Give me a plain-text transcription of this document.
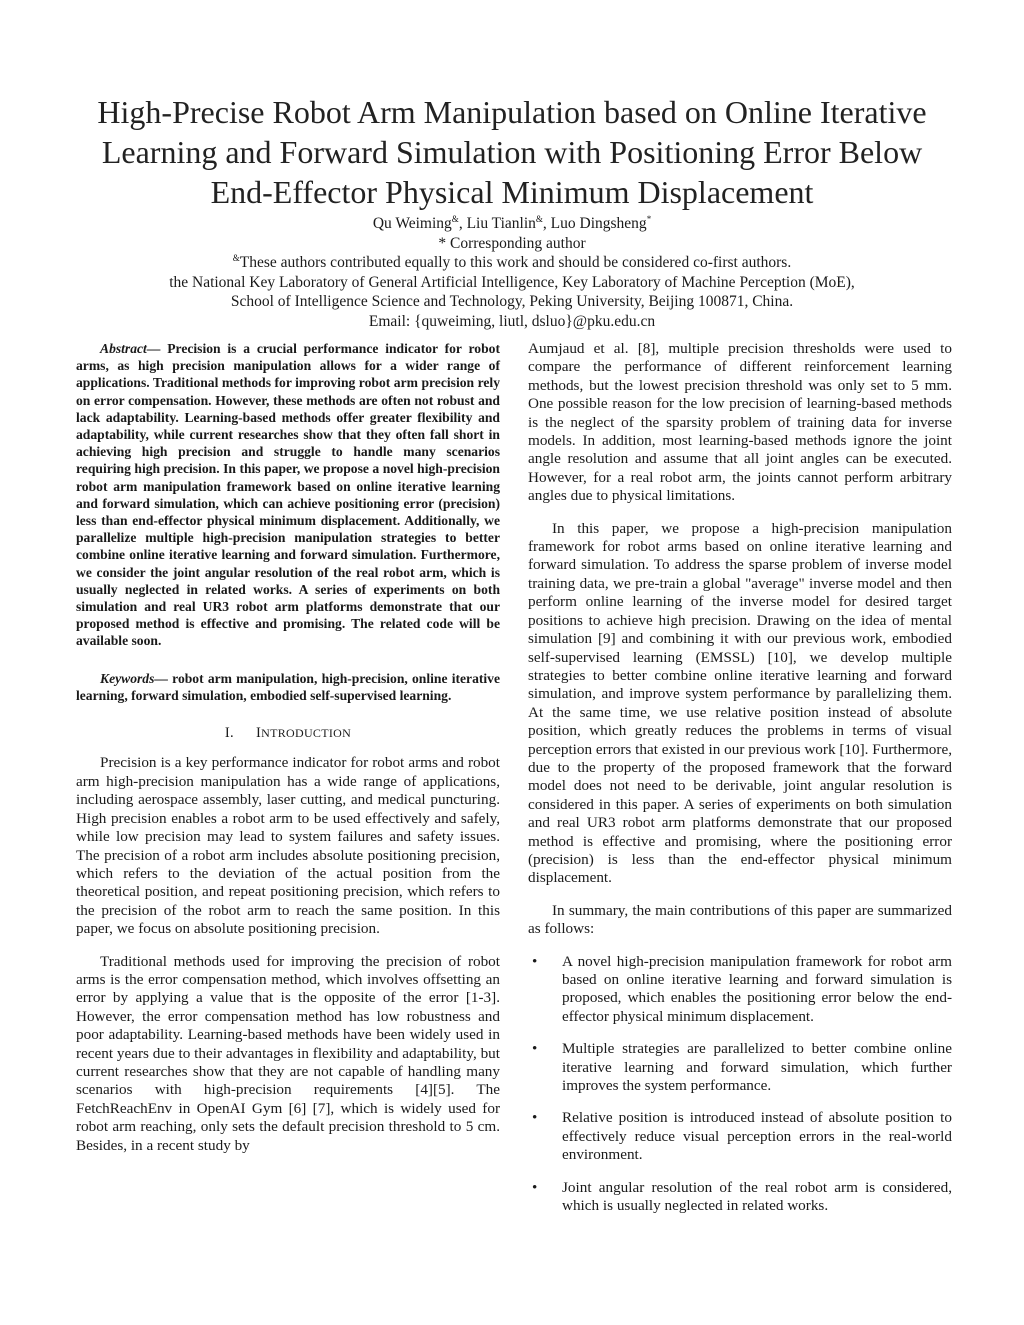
High-Precise Robot Arm Manipulation based on Online Iterative
Learning and Forward Simulation with Positioning Error Below
End-Effector Physical Minimum Displacement
Qu Weiming&, Liu Tianlin&, Luo Dingsheng*
* Corresponding author
&These authors contributed equally to this work and should be considered co-first authors.
the National Key Laboratory of General Artificial Intelligence, Key Laboratory of Machine Perception (MoE),
School of Intelligence Science and Technology, Peking University, Beijing 100871, China.
Email: {quweiming, liutl, dsluo}@pku.edu.cn

Abstract— Precision is a crucial performance indicator for robot arms, as high precision manipulation allows for a wider range of applications. Traditional methods for improving robot arm precision rely on error compensation. However, these methods are often not robust and lack adaptability. Learning-based methods offer greater flexibility and adaptability, while current researches show that they often fall short in achieving high precision and struggle to handle many scenarios requiring high precision. In this paper, we propose a novel high-precision robot arm manipulation framework based on online iterative learning and forward simulation, which can achieve positioning error (precision) less than end-effector physical minimum displacement. Additionally, we parallelize multiple high-precision manipulation strategies to better combine online iterative learning and forward simulation. Furthermore, we consider the joint angular resolution of the real robot arm, which is usually neglected in related works. A series of experiments on both simulation and real UR3 robot arm platforms demonstrate that our proposed method is effective and promising. The related code will be available soon.

Keywords— robot arm manipulation, high-precision, online iterative learning, forward simulation, embodied self-supervised learning.

I. INTRODUCTION

Precision is a key performance indicator for robot arms and robot arm high-precision manipulation has a wide range of applications, including aerospace assembly, laser cutting, and medical puncturing. High precision enables a robot arm to be used effectively and safely, while low precision may lead to system failures and safety issues. The precision of a robot arm includes absolute positioning precision, which refers to the deviation of the actual position from the theoretical position, and repeat positioning precision, which refers to the precision of the robot arm to reach the same position. In this paper, we focus on absolute positioning precision.

Traditional methods used for improving the precision of robot arms is the error compensation method, which involves offsetting an error by applying a value that is the opposite of the error [1-3]. However, the error compensation method has low robustness and poor adaptability. Learning-based methods have been widely used in recent years due to their advantages in flexibility and adaptability, but current researches show that they are not capable of handling many scenarios with high-precision requirements [4][5]. The FetchReachEnv in OpenAI Gym [6] [7], which is widely used for robot arm reaching, only sets the default precision threshold to 5 cm. Besides, in a recent study by

Aumjaud et al. [8], multiple precision thresholds were used to compare the performance of different reinforcement learning methods, but the lowest precision threshold was only set to 5 mm. One possible reason for the low precision of learning-based methods is the neglect of the sparsity problem of training data for inverse models. In addition, most learning-based methods ignore the joint angle resolution and assume that all joint angles can be executed. However, for a real robot arm, the joints cannot perform arbitrary angles due to physical limitations.

In this paper, we propose a high-precision manipulation framework for robot arms based on online iterative learning and forward simulation. To address the sparse problem of inverse model training data, we pre-train a global "average" inverse model and then perform online learning of the inverse model for desired target positions to achieve high precision. Drawing on the idea of mental simulation [9] and combining it with our previous work, embodied self-supervised learning (EMSSL) [10], we develop multiple strategies to better combine online iterative learning and forward simulation, and improve system performance by parallelizing them. At the same time, we use relative position instead of absolute position, which greatly reduces the problems in terms of visual perception errors that existed in our previous work [10]. Furthermore, due to the property of the proposed framework that the forward model does not need to be derivable, joint angular resolution is considered in this paper. A series of experiments on both simulation and real UR3 robot arm platforms demonstrate that our proposed method is effective and promising, where the positioning error (precision) is less than the end-effector physical minimum displacement.

In summary, the main contributions of this paper are summarized as follows:

• A novel high-precision manipulation framework for robot arm based on online iterative learning and forward simulation is proposed, which enables the positioning error below the end-effector physical minimum displacement.
• Multiple strategies are parallelized to better combine online iterative learning and forward simulation, which further improves the system performance.
• Relative position is introduced instead of absolute position to effectively reduce visual perception errors in the real-world environment.
• Joint angular resolution of the real robot arm is considered, which is usually neglected in related works.
